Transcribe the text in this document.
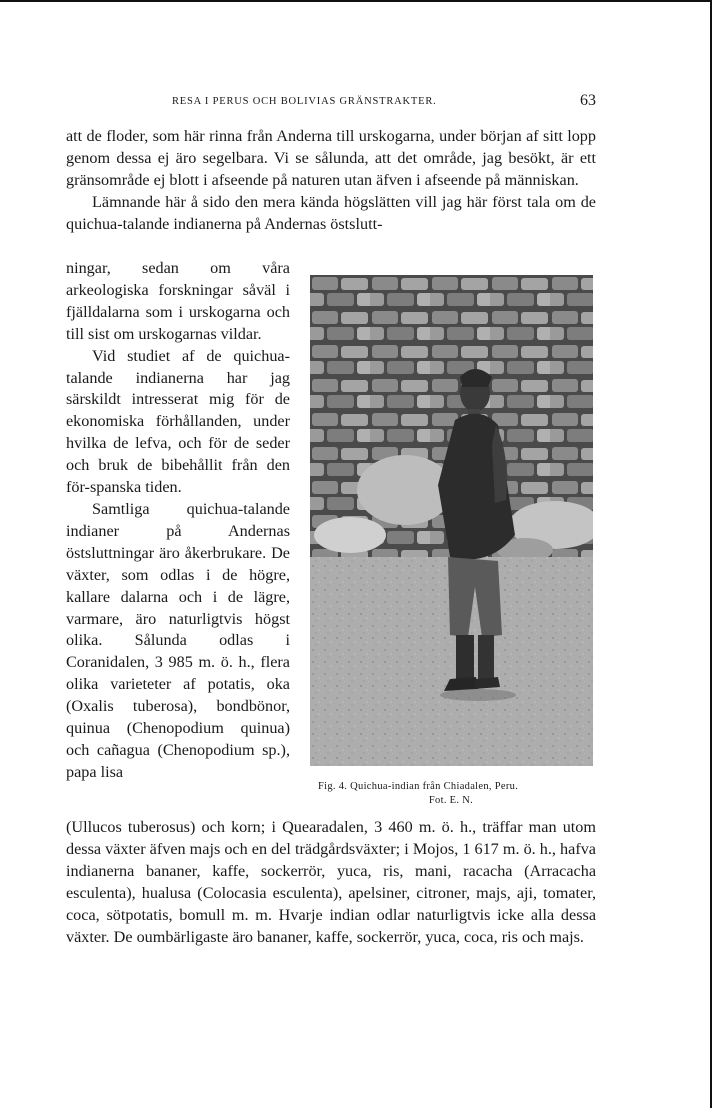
RESA I PERUS OCH BOLIVIAS GRÄNSTRAKTER.	63

att de floder, som här rinna från Anderna till urskogarna, under början af sitt lopp genom dessa ej äro segelbara. Vi se sålunda, att det område, jag besökt, är ett gränsområde ej blott i afseende på naturen utan äfven i afseende på människan.

Lämnande här å sido den mera kända högslätten vill jag här först tala om de quichua-talande indianerna på Andernas östslutt-

ningar, sedan om våra arkeologiska forskningar såväl i fjälldalarna som i urskogarna och till sist om urskogarnas vildar.

Vid studiet af de quichua-talande indianerna har jag särskildt intresserat mig för de ekonomiska förhållanden, under hvilka de lefva, och för de seder och bruk de bibehållit från den för-spanska tiden.

Samtliga quichua-talande indianer på Andernas östsluttningar äro åkerbrukare. De växter, som odlas i de högre, kallare dalarna och i de lägre, varmare, äro naturligtvis högst olika. Sålunda odlas i Coranidalen, 3 985 m. ö. h., flera olika varieteter af potatis, oka (Oxalis tuberosa), bondbönor, quinua (Chenopodium quinua) och cañagua (Chenopodium sp.), papa lisa

Fig. 4. Quichua-indian från Chiadalen, Peru.
Fot. E. N.

(Ullucos tuberosus) och korn; i Quearadalen, 3 460 m. ö. h., träffar man utom dessa växter äfven majs och en del trädgårdsväxter; i Mojos, 1 617 m. ö. h., hafva indianerna bananer, kaffe, sockerrör, yuca, ris, mani, racacha (Arracacha esculenta), hualusa (Colocasia esculenta), apelsiner, citroner, majs, aji, tomater, coca, sötpotatis, bomull m. m. Hvarje indian odlar naturligtvis icke alla dessa växter. De oumbärligaste äro bananer, kaffe, sockerrör, yuca, coca, ris och majs.
